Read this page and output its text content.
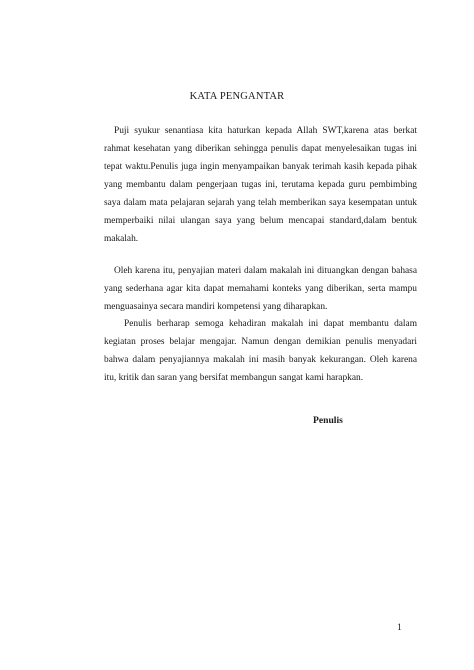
KATA PENGANTAR

Puji syukur senantiasa kita haturkan kepada Allah SWT,karena atas berkat rahmat kesehatan yang diberikan sehingga penulis dapat menyelesaikan tugas ini tepat waktu.Penulis juga ingin menyampaikan banyak terimah kasih kepada pihak yang membantu dalam pengerjaan tugas ini, terutama kepada guru pembimbing saya dalam mata pelajaran sejarah yang telah memberikan saya kesempatan untuk memperbaiki nilai ulangan saya yang belum mencapai standard,dalam bentuk makalah.

Oleh karena itu, penyajian materi dalam makalah ini dituangkan dengan bahasa yang sederhana agar kita dapat memahami konteks yang diberikan, serta mampu menguasainya secara mandiri kompetensi yang diharapkan.

Penulis berharap semoga kehadiran makalah ini dapat membantu dalam kegiatan proses belajar mengajar. Namun dengan demikian penulis menyadari bahwa dalam penyajiannya makalah ini masih banyak kekurangan. Oleh karena itu, kritik dan saran yang bersifat membangun sangat kami harapkan.

Penulis
1
